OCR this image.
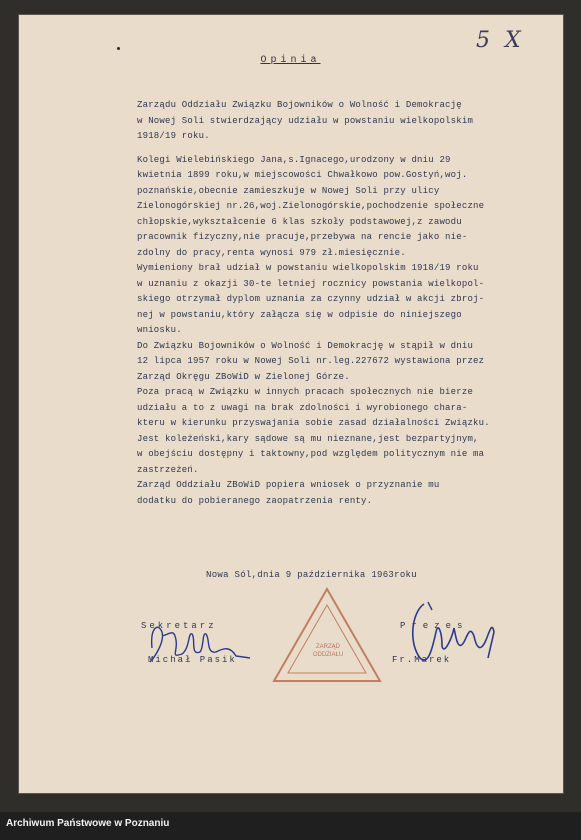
5 X
Opinia

Zarządu Oddziału Związku Bojowników o Wolność i Demokrację
w Nowej Soli stwierdzający udziału w powstaniu wielkopolskim
1918/19 roku.

Kolegi Wielebińskiego Jana,s.Ignacego,urodzony w dniu 29
kwietnia 1899 roku,w miejscowości Chwałkowo pow.Gostyń,woj.
poznańskie,obecnie zamieszkuje w Nowej Soli przy ulicy
Zielonogórskiej nr.26,woj.Zielonogórskie,pochodzenie społeczne
chłopskie,wykształcenie 6 klas szkoły podstawowej,z zawodu
pracownik fizyczny,nie pracuje,przebywa na rencie jako nie-
zdolny do pracy,renta wynosi 979 zł.miesięcznie.

Wymieniony brał udział w powstaniu wielkopolskim 1918/19 roku
w uznaniu z okazji 30-te letniej rocznicy powstania wielkopol-
skiego otrzymał dyplom uznania za czynny udział w akcji zbroj-
nej w powstaniu,który załącza się w odpisie do niniejszego
wniosku.

Do Związku Bojowników o Wolność i Demokrację w stąpił w dniu
12 lipca 1957 roku w Nowej Soli nr.leg.227672 wystawiona przez
Zarząd Okręgu ZBoWiD w Zielonej Górze.

Poza pracą w Związku w innych pracach społecznych nie bierze
udziału a to z uwagi na brak zdolności i wyrobionego chara-
kteru w kierunku przyswajania sobie zasad działalności Związku.
Jest koleżeński,kary sądowe są mu nieznane,jest bezpartyjnym,
w obejściu dostępny i taktowny,pod względem politycznym nie ma
zastrzeżeń.

Zarząd Oddziału ZBoWiD popiera wniosek o przyznanie mu
dodatku do pobieranego zaopatrzenia renty.

Nowa Sól,dnia 9 października 1963roku
Sekretarz
Michał Pasik
ZARZĄD
ODDZIAŁU
Prezes
Fr.Marek
Archiwum Państwowe w Poznaniu
